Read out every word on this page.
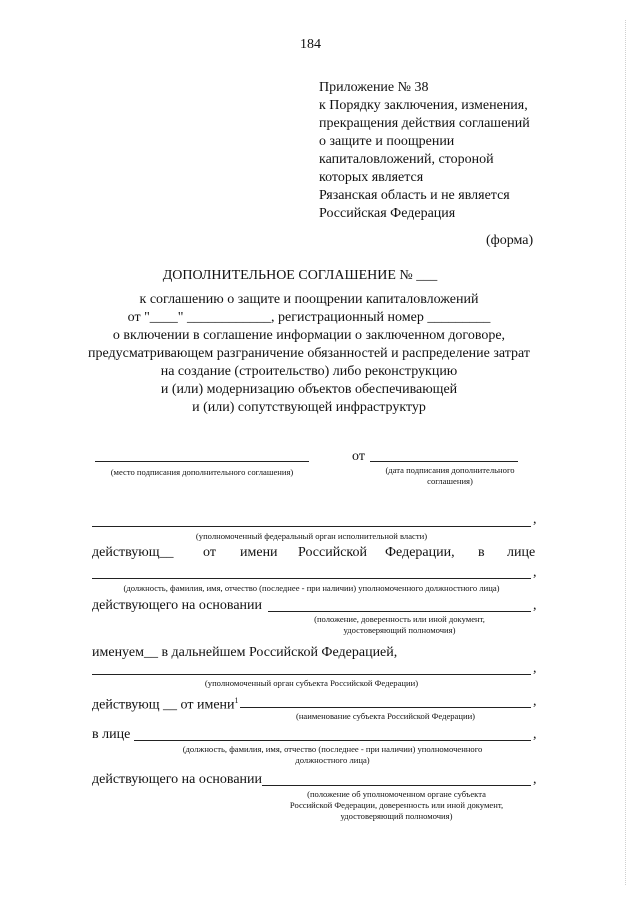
184
Приложение № 38
к Порядку заключения, изменения,
прекращения действия соглашений
о защите и поощрении
капиталовложений, стороной
которых является
Рязанская область и не является
Российская Федерация
(форма)
ДОПОЛНИТЕЛЬНОЕ СОГЛАШЕНИЕ № ___
к соглашению о защите и поощрении капиталовложений
от "____" ____________, регистрационный номер _________
о включении в соглашение информации о заключенном договоре,
предусматривающем разграничение обязанностей и распределение затрат
на создание (строительство) либо реконструкцию
и (или) модернизацию объектов обеспечивающей
и (или) сопутствующей инфраструктур
от
(место подписания дополнительного соглашения)	(дата подписания дополнительного
соглашения)
,
(уполномоченный федеральный орган исполнительной власти)
действующ__ от имени Российской Федерации, в лице
,
(должность, фамилия, имя, отчество (последнее - при наличии) уполномоченного должностного лица)
действующего на основании	,
(положение, доверенность или иной документ,
удостоверяющий полномочия)
именуем__ в дальнейшем Российской Федерацией,
,
(уполномоченный орган субъекта Российской Федерации)
действующ __ от имени$^1$	,
(наименование субъекта Российской Федерации)
в лице	,
(должность, фамилия, имя, отчество (последнее - при наличии) уполномоченного
должностного лица)
действующего на основании	,
(положение об уполномоченном органе субъекта
Российской Федерации, доверенность или иной документ,
удостоверяющий полномочия)
